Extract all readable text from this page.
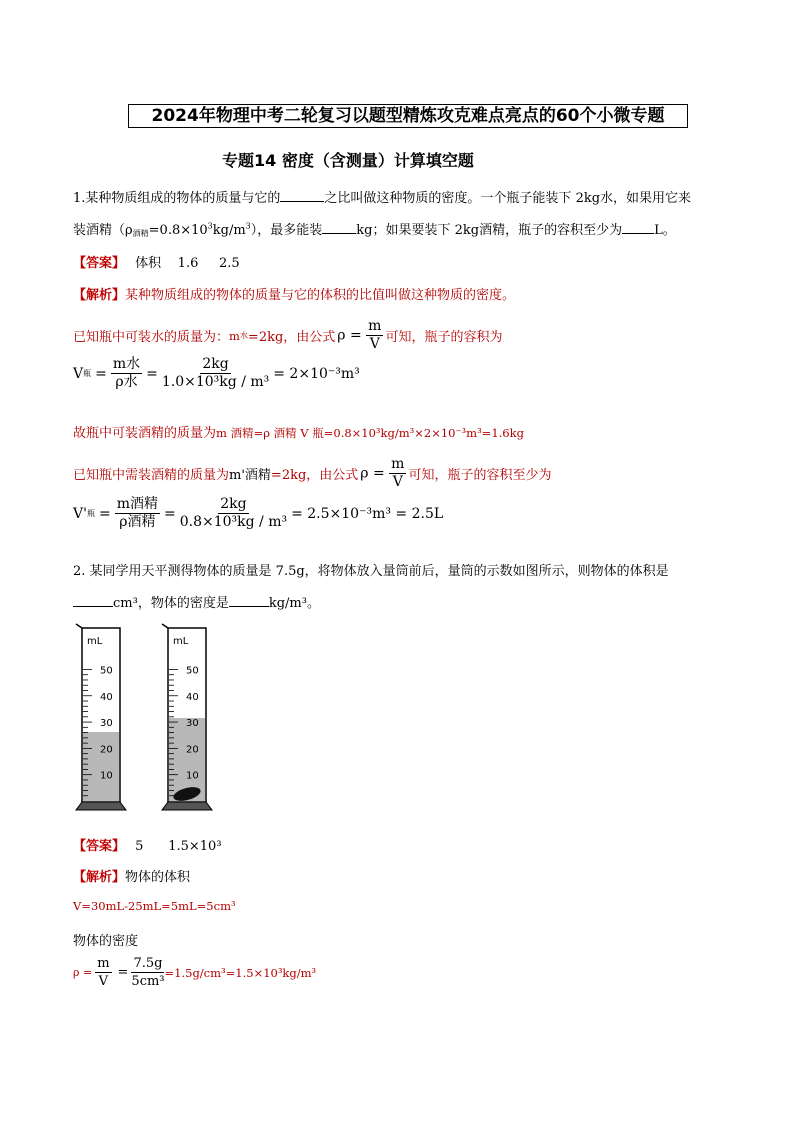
2024年物理中考二轮复习以题型精炼攻克难点亮点的60个小微专题
专题14 密度（含测量）计算填空题
1.某种物质组成的物体的质量与它的	之比叫做这种物质的密度。一个瓶子能装下 2kg水，如果用它来
装酒精$(\rho_{酒精}=0.8\times 10^3kg/m^3)$，最多能装	kg；如果要装下 2kg酒精，瓶子的容积至少为 L。
【答案】 体积    1.6     2.5
【解析】某种物质组成的物体的质量与它的体积的比值叫做这种物质的密度。
已知瓶中可装水的质量为： m 水 =2kg，由公式 $\rho = \frac{m}{V}$ 可知，瓶子的容积为
V 瓶 = $\frac{\text{m水}}{\text{ρ水}} = \frac{2kg}{\text{1.0×10³kg / m³}} = 2\times 10^{-3}m^3$
故瓶中可装酒精的质量为m 酒精=ρ 酒精 V 瓶=0.8×10³kg/m³×2×10⁻³m³=1.6kg
已知瓶中需装酒精的质量为 m'酒精 =2kg，由公式 $\rho = \frac{m}{V}$ 可知，瓶子的容积至少为
V' 瓶 = $\frac{\text{m酒精}}{\text{ρ酒精}} = \frac{2kg}{\text{0.8×10³kg / m³}} = 2.5\times 10^{-3}m^3 = 2.5L$
2. 某同学用天平测得物体的质量是 7.5g，将物体放入量筒前后，量筒的示数如图所示，则物体的体积是
cm³，物体的密度是	kg/m³。
mL
50
40
30
20
10
mL
50
40
30
20
10
【答案】 5      1.5×10³
【解析】物体的体积
V=30mL-25mL=5mL=5cm³
物体的密度
$\rho = \frac{m}{V} = \frac{7.5g}{\text{5cm³}} =1.5g/cm^3=1.5\times 10^3kg/m^3$
